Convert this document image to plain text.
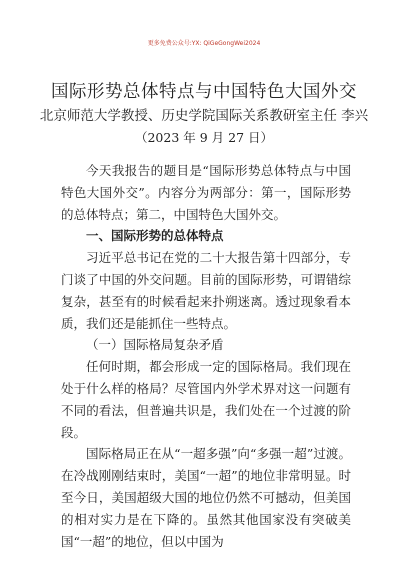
更多免费公众号:YX: QiGeGongWei2024
国际形势总体特点与中国特色大国外交
北京师范大学教授、历史学院国际关系教研室主任 李兴
（2023 年 9 月 27 日）

今天我报告的题目是“国际形势总体特点与中国特色大国外交”。内容分为两部分：第一，国际形势的总体特点；第二，中国特色大国外交。

一、国际形势的总体特点

习近平总书记在党的二十大报告第十四部分，专门谈了中国的外交问题。目前的国际形势，可谓错综复杂，甚至有的时候看起来扑朔迷离。透过现象看本质，我们还是能抓住一些特点。

（一）国际格局复杂矛盾

任何时期，都会形成一定的国际格局。我们现在处于什么样的格局？尽管国内外学术界对这一问题有不同的看法，但普遍共识是，我们处在一个过渡的阶段。

国际格局正在从“一超多强”向“多强一超”过渡。在冷战刚刚结束时，美国“一超”的地位非常明显。时至今日，美国超级大国的地位仍然不可撼动，但美国的相对实力是在下降的。虽然其他国家没有突破美国“一超”的地位，但以中国为
